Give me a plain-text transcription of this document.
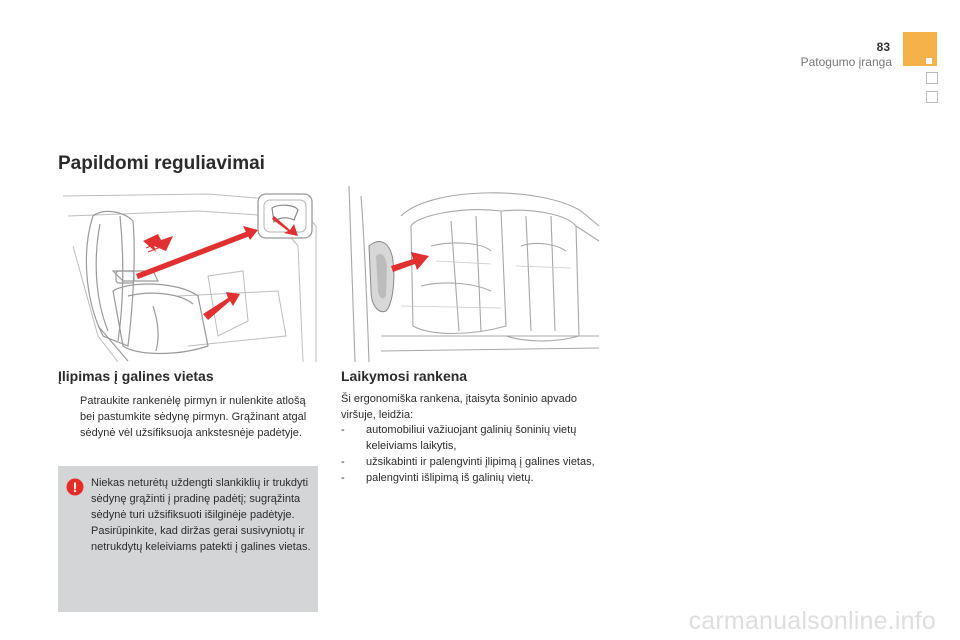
83
Patogumo įranga
Papildomi reguliavimai
Įlipimas į galines vietas
Patraukite rankenėlę pirmyn ir nulenkite atlošą bei pastumkite sėdynę pirmyn. Grąžinant atgal sėdynė vėl užsifiksuoja ankstesnėje padėtyje.
! Niekas neturėtų uždengti slankiklių ir trukdyti sėdynę grąžinti į pradinę padėtį; sugrąžinta sėdynė turi užsifiksuoti išilginėje padėtyje. Pasirūpinkite, kad diržas gerai susivyniotų ir netrukdytų keleiviams patekti į galines vietas.
Laikymosi rankena
Ši ergonomiška rankena, įtaisyta šoninio apvado viršuje, leidžia:
-	automobiliui važiuojant galinių šoninių vietų keleiviams laikytis,
-	užsikabinti ir palengvinti įlipimą į galines vietas,
-	palengvinti išlipimą iš galinių vietų.
carmanualsonline.info
